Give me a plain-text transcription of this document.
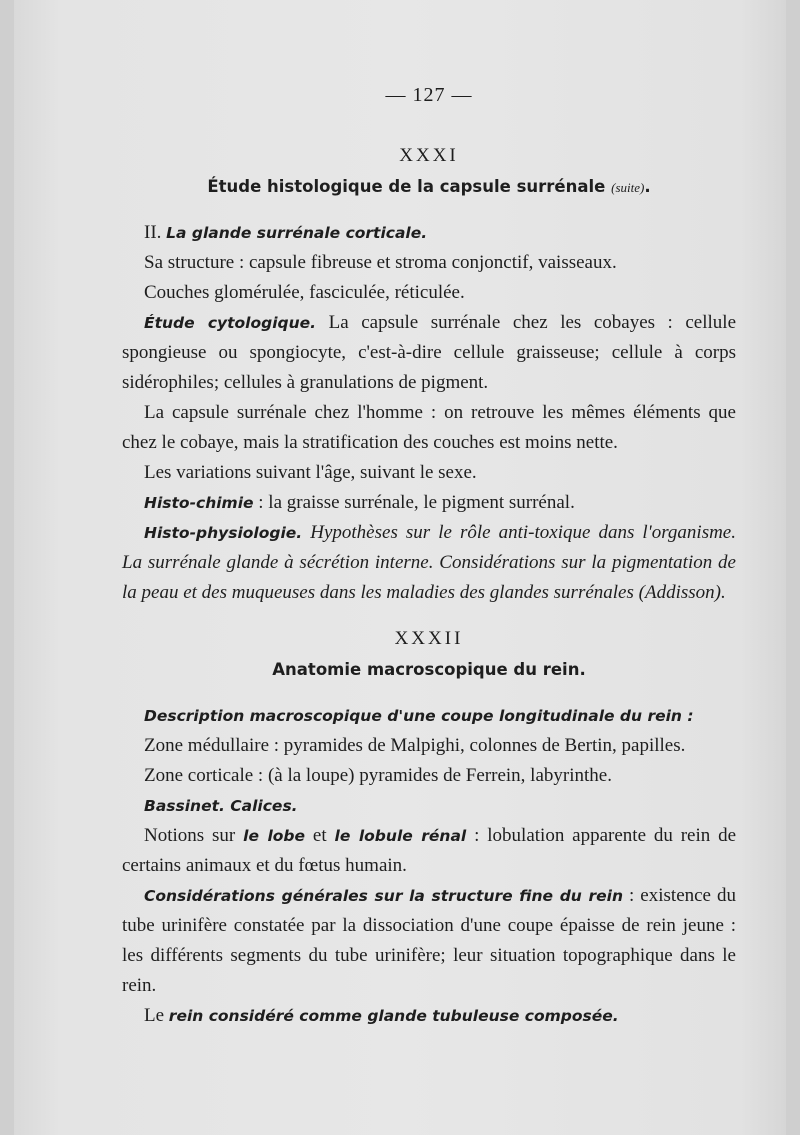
— 127 —
XXXI
Étude histologique de la capsule surrénale (suite).

II. La glande surrénale corticale.

Sa structure : capsule fibreuse et stroma conjonctif, vaisseaux.

Couches glomérulée, fasciculée, réticulée.

Étude cytologique. La capsule surrénale chez les cobayes : cellule spongieuse ou spongiocyte, c'est-à-dire cellule graisseuse; cellule à corps sidérophiles; cellules à granulations de pigment.

La capsule surrénale chez l'homme : on retrouve les mêmes éléments que chez le cobaye, mais la stratification des couches est moins nette.

Les variations suivant l'âge, suivant le sexe.

Histo-chimie : la graisse surrénale, le pigment surrénal.

Histo-physiologie. Hypothèses sur le rôle anti-toxique dans l'organisme. La surrénale glande à sécrétion interne. Considérations sur la pigmentation de la peau et des muqueuses dans les maladies des glandes surrénales (Addisson).

XXXII
Anatomie macroscopique du rein.

Description macroscopique d'une coupe longitudinale du rein :

Zone médullaire : pyramides de Malpighi, colonnes de Bertin, papilles.

Zone corticale : (à la loupe) pyramides de Ferrein, labyrinthe.

Bassinet. Calices.

Notions sur le lobe et le lobule rénal : lobulation apparente du rein de certains animaux et du fœtus humain.

Considérations générales sur la structure fine du rein : existence du tube urinifère constatée par la dissociation d'une coupe épaisse de rein jeune : les différents segments du tube urinifère; leur situation topographique dans le rein.

Le rein considéré comme glande tubuleuse composée.
